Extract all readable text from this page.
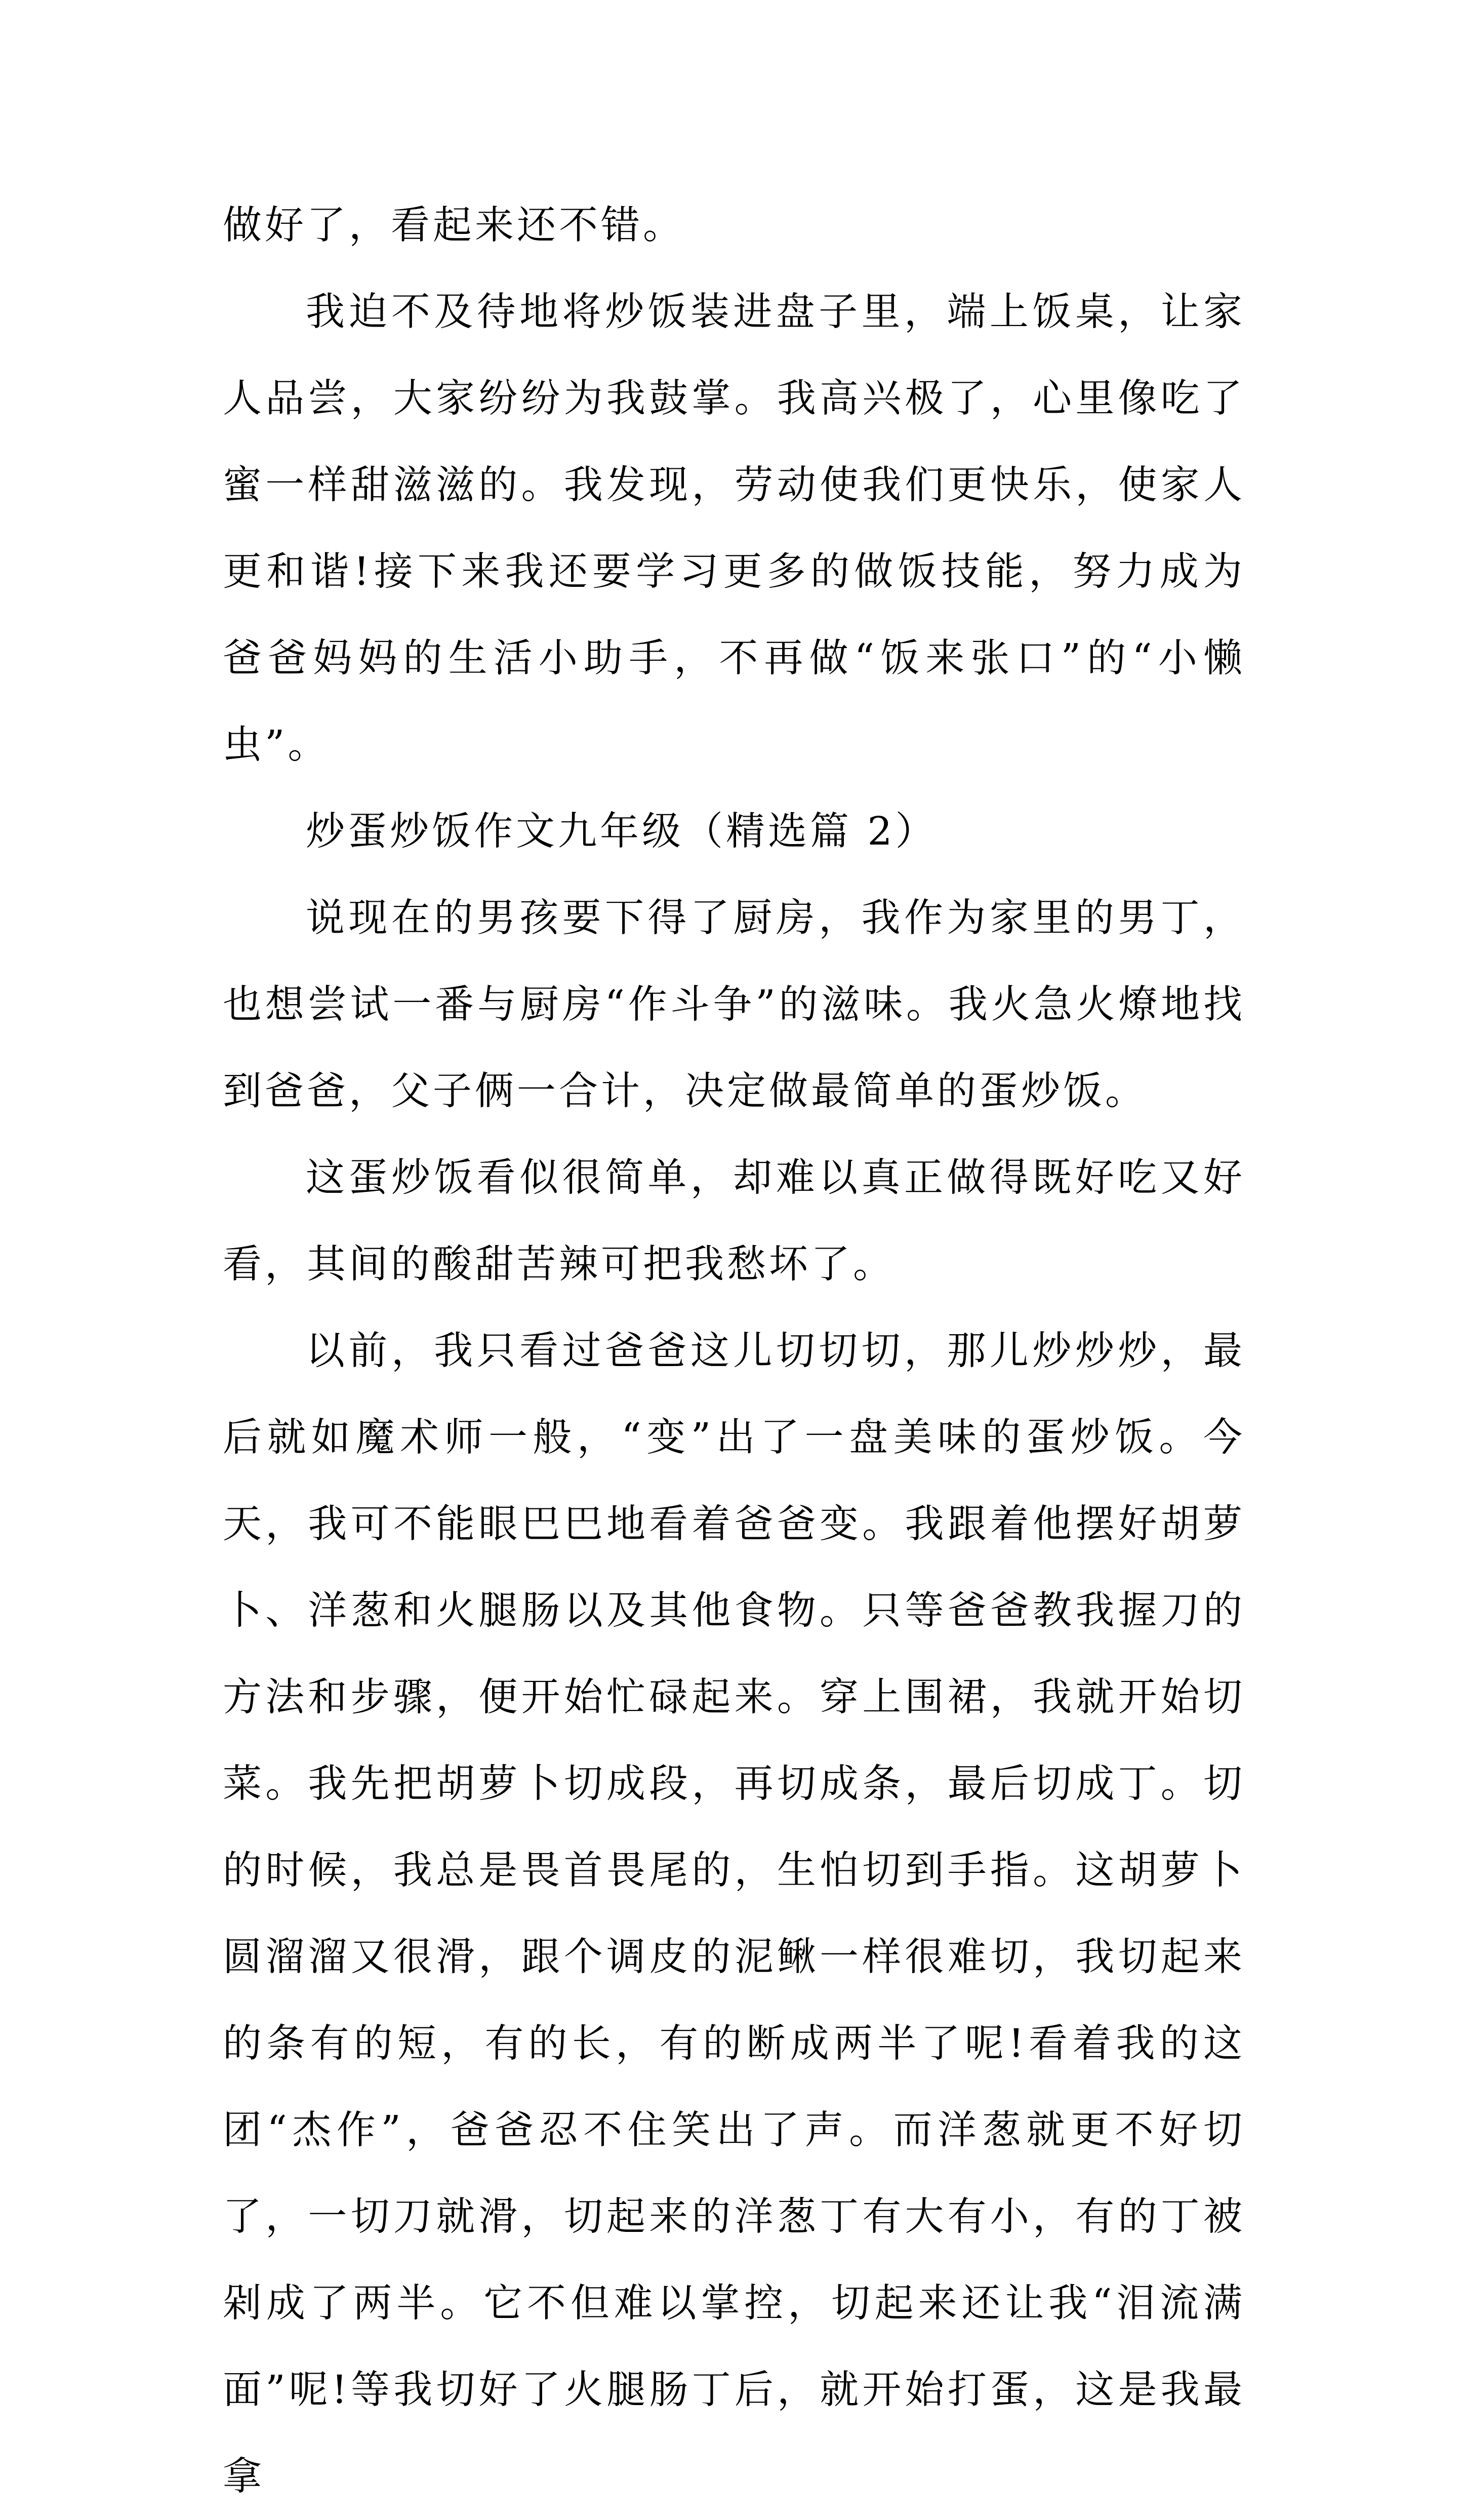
做好了，看起来还不错。

我迫不及待地将炒饭装进盘子里，端上饭桌，让家人品尝，大家纷纷为我鼓掌。我高兴极了，心里像吃了蜜一样甜滋滋的。我发现，劳动使我们更快乐，使家人更和谐!接下来我还要学习更多的做饭技能，努力成为爸爸妈妈的生活小助手，不再做“饭来张口”的“小懒虫”。

炒蛋炒饭作文九年级（精选篇 2）

说现在的男孩要下得了厨房，我作为家里的男丁，也想尝试一番与厨房“作斗争”的滋味。我火急火燎地找到爸爸，父子俩一合计，决定做最简单的蛋炒饭。

这蛋炒饭看似很简单，却难以真正做得既好吃又好看，其间的酸甜苦辣可把我愁坏了。

以前，我只看过爸爸这儿切切切，那儿炒炒炒，最后就如魔术师一般，“变”出了一盘美味的蛋炒饭。今天，我可不能眼巴巴地看着爸爸变。我跟着他摆好胡萝卜、洋葱和火腿肠以及其他食物。只等爸爸教我握刀的方法和步骤，便开始忙碌起来。穿上围裙，我就开始切菜。我先把胡萝卜切成段，再切成条，最后切成丁。切的时候，我总是畏首畏尾的，生怕切到手指。这胡萝卜圆溜溜又很滑，跟个调皮的泥鳅一样很难切，我切起来的条有的短，有的长，有的断成两半了呢!看着我的这团“杰作”，爸爸忍不住笑出了声。而洋葱就更不好切了，一切刀就滑，切起来的洋葱丁有大有小，有的丁被剁成了两半。它不但难以掌控，切起来还让我“泪流满面”呢!等我切好了火腿肠丁后，就开始打蛋，这是我最拿
